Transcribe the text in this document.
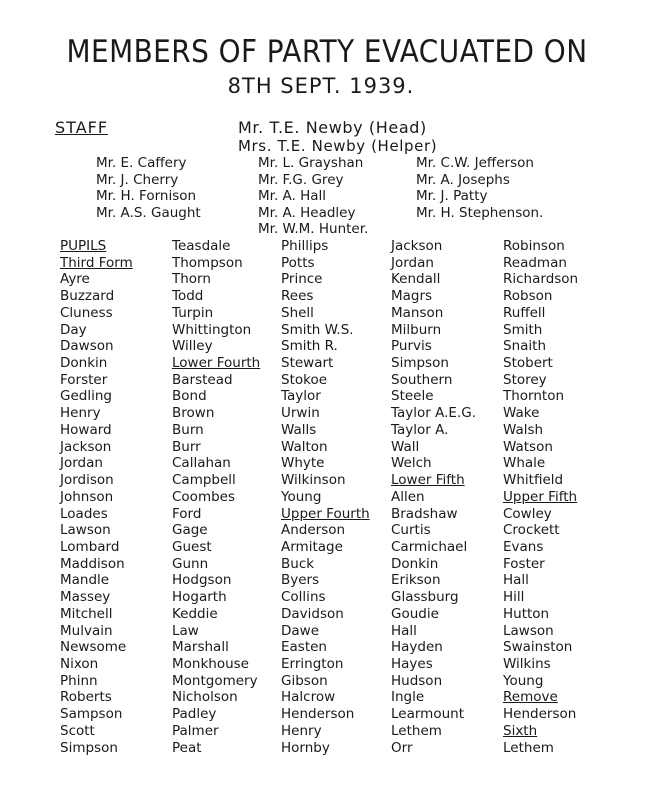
MEMBERS OF PARTY EVACUATED ON
8TH SEPT. 1939.
STAFF	Mr. T.E. Newby (Head)
Mrs. T.E. Newby (Helper)
Mr. E. Caffery
Mr. J. Cherry
Mr. H. Fornison
Mr. A.S. Gaught
Mr. L. Grayshan
Mr. F.G. Grey
Mr. A. Hall
Mr. A. Headley
Mr. W.M. Hunter.
Mr. C.W. Jefferson
Mr. A. Josephs
Mr. J. Patty
Mr. H. Stephenson.
PUPILS
Third Form
Ayre
Buzzard
Cluness
Day
Dawson
Donkin
Forster
Gedling
Henry
Howard
Jackson
Jordan
Jordison
Johnson
Loades
Lawson
Lombard
Maddison
Mandle
Massey
Mitchell
Mulvain
Newsome
Nixon
Phinn
Roberts
Sampson
Scott
Simpson
Teasdale
Thompson
Thorn
Todd
Turpin
Whittington
Willey
Lower Fourth
Barstead
Bond
Brown
Burn
Burr
Callahan
Campbell
Coombes
Ford
Gage
Guest
Gunn
Hodgson
Hogarth
Keddie
Law
Marshall
Monkhouse
Montgomery
Nicholson
Padley
Palmer
Peat
Phillips
Potts
Prince
Rees
Shell
Smith W.S.
Smith R.
Stewart
Stokoe
Taylor
Urwin
Walls
Walton
Whyte
Wilkinson
Young
Upper Fourth
Anderson
Armitage
Buck
Byers
Collins
Davidson
Dawe
Easten
Errington
Gibson
Halcrow
Henderson
Henry
Hornby
Jackson
Jordan
Kendall
Magrs
Manson
Milburn
Purvis
Simpson
Southern
Steele
Taylor A.E.G.
Taylor A.
Wall
Welch
Lower Fifth
Allen
Bradshaw
Curtis
Carmichael
Donkin
Erikson
Glassburg
Goudie
Hall
Hayden
Hayes
Hudson
Ingle
Learmount
Lethem
Orr
Robinson
Readman
Richardson
Robson
Ruffell
Smith
Snaith
Stobert
Storey
Thornton
Wake
Walsh
Watson
Whale
Whitfield
Upper Fifth
Cowley
Crockett
Evans
Foster
Hall
Hill
Hutton
Lawson
Swainston
Wilkins
Young
Remove
Henderson
Sixth
Lethem
